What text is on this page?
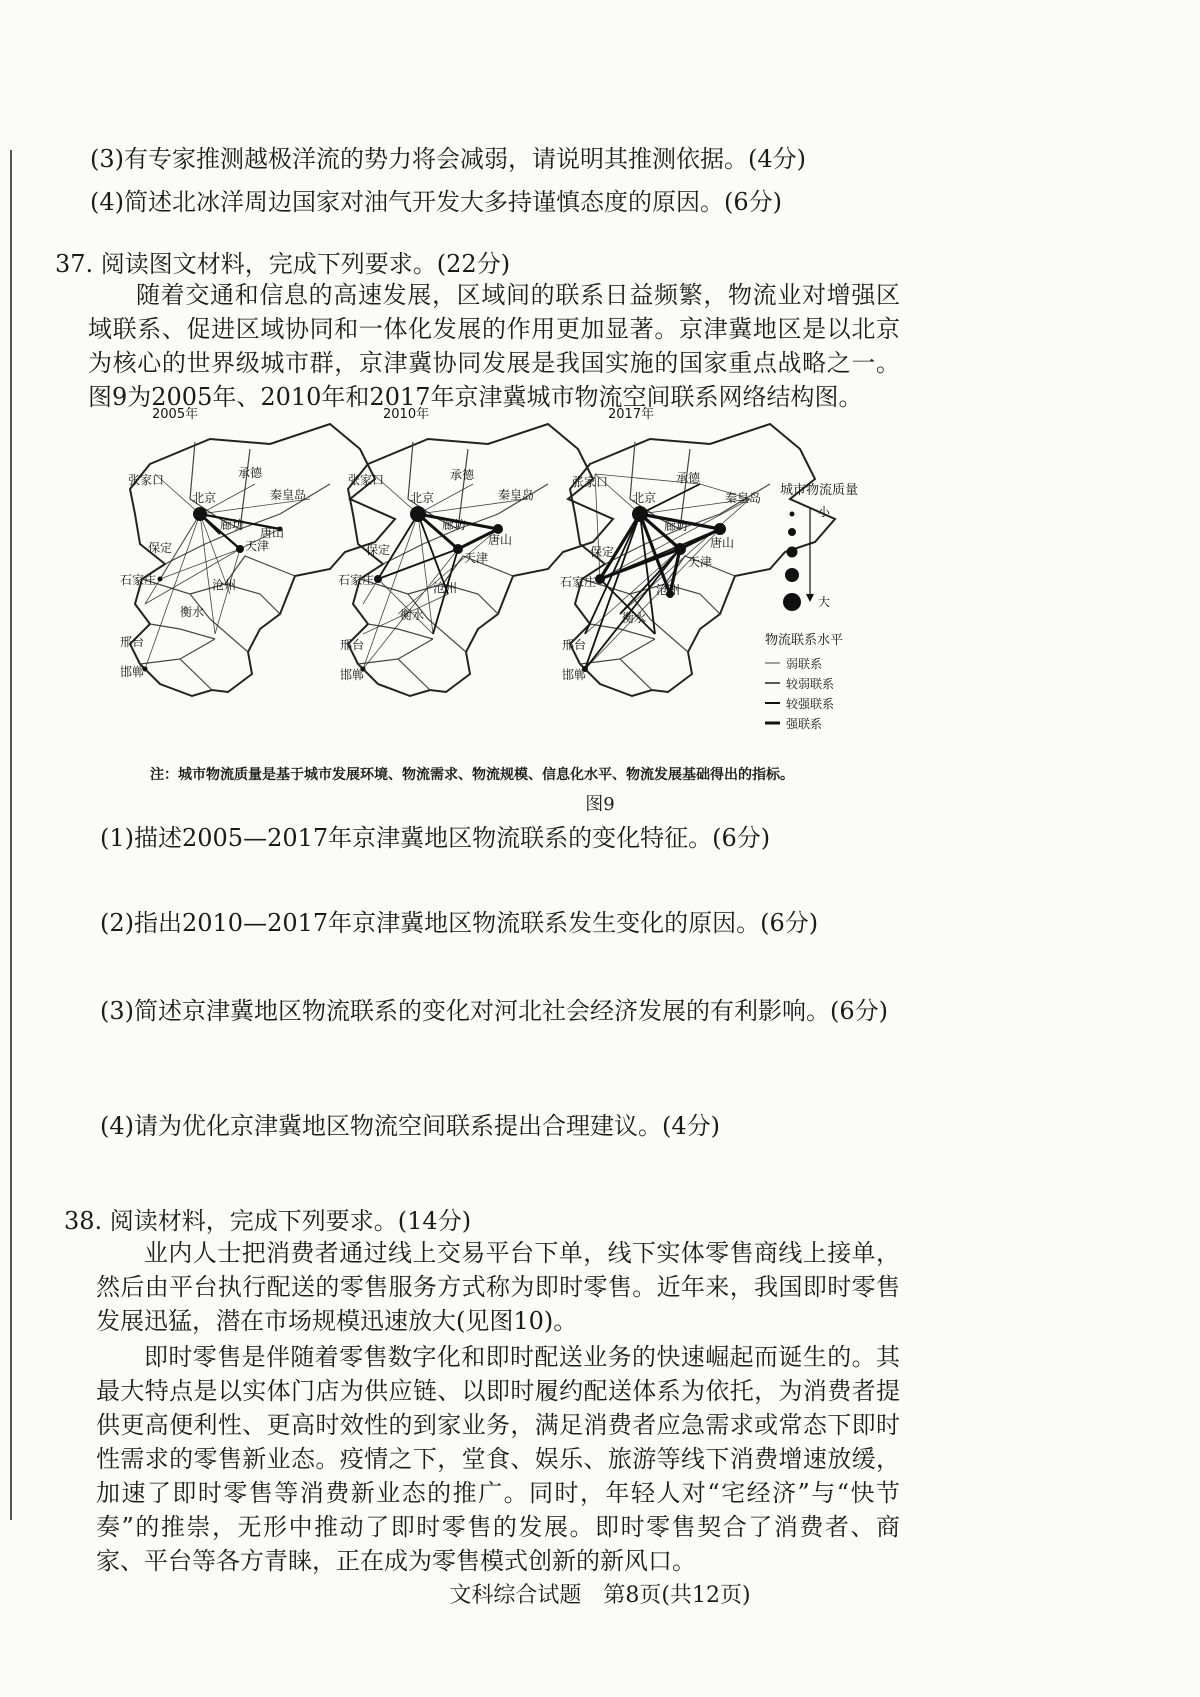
(3)有专家推测越极洋流的势力将会减弱，请说明其推测依据。(4分)
(4)简述北冰洋周边国家对油气开发大多持谨慎态度的原因。(6分)
37. 阅读图文材料，完成下列要求。(22分)
随着交通和信息的高速发展，区域间的联系日益频繁，物流业对增强区域联系、促进区域协同和一体化发展的作用更加显著。京津冀地区是以北京为核心的世界级城市群，京津冀协同发展是我国实施的国家重点战略之一。图9为2005年、2010年和2017年京津冀城市物流空间联系网络结构图。
2005年
张家口	承德
北京	秦皇岛
廊坊
唐山
天津
保定
石家庄	沧州
衡水
邢台
邯郸
2010年
张家口	承德
北京	秦皇岛
廊坊
唐山
天津
保定
石家庄
沧州
衡水
邢台
邯郸
2017年
张家口	承德
北京	秦皇岛
廊坊
唐山
天津
保定
石家庄
沧州
衡水
邢台
邯郸
城市物流质量
小
大
物流联系水平
弱联系
较弱联系
较强联系
强联系
注：城市物流质量是基于城市发展环境、物流需求、物流规模、信息化水平、物流发展基础得出的指标。
图9
(1)描述2005—2017年京津冀地区物流联系的变化特征。(6分)
(2)指出2010—2017年京津冀地区物流联系发生变化的原因。(6分)
(3)简述京津冀地区物流联系的变化对河北社会经济发展的有利影响。(6分)
(4)请为优化京津冀地区物流空间联系提出合理建议。(4分)
38. 阅读材料，完成下列要求。(14分)
业内人士把消费者通过线上交易平台下单，线下实体零售商线上接单，然后由平台执行配送的零售服务方式称为即时零售。近年来，我国即时零售发展迅猛，潜在市场规模迅速放大(见图10)。
即时零售是伴随着零售数字化和即时配送业务的快速崛起而诞生的。其最大特点是以实体门店为供应链、以即时履约配送体系为依托，为消费者提供更高便利性、更高时效性的到家业务，满足消费者应急需求或常态下即时性需求的零售新业态。疫情之下，堂食、娱乐、旅游等线下消费增速放缓，加速了即时零售等消费新业态的推广。同时，年轻人对“宅经济”与“快节奏”的推崇，无形中推动了即时零售的发展。即时零售契合了消费者、商家、平台等各方青睐，正在成为零售模式创新的新风口。
文科综合试题　第8页(共12页)
